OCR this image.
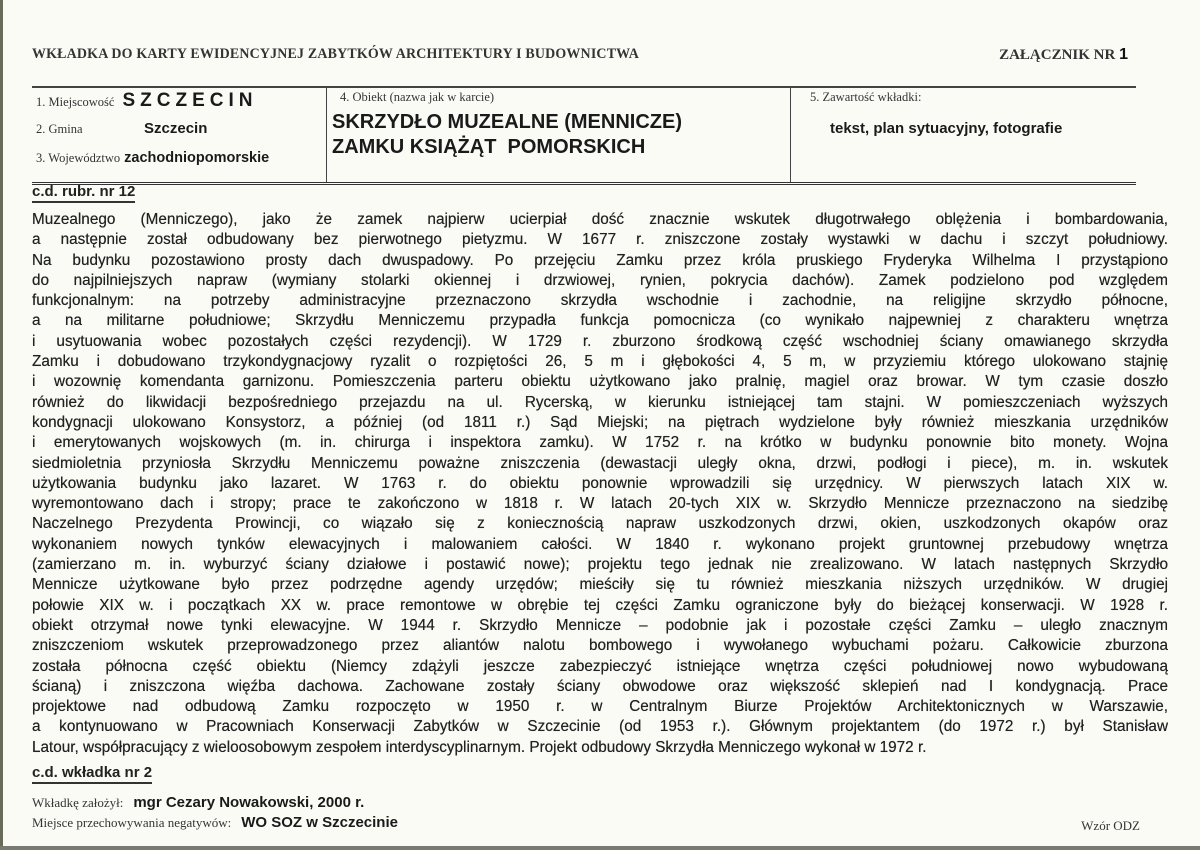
WKŁADKA DO KARTY EWIDENCYJNEJ ZABYTKÓW ARCHITEKTURY I BUDOWNICTWA	ZAŁĄCZNIK NR 1
1. Miejscowość SZCZECIN
2. Gmina	Szczecin
3. Województwo zachodniopomorskie
4. Obiekt (nazwa jak w karcie)
SKRZYDŁO MUZEALNE (MENNICZE)
ZAMKU KSIĄŻĄT  POMORSKICH
5. Zawartość wkładki:
tekst, plan sytuacyjny, fotografie
c.d. rubr. nr 12
Muzealnego (Menniczego), jako że zamek najpierw ucierpiał dość znacznie wskutek długotrwałego oblężenia i bombardowania,
a następnie został odbudowany bez pierwotnego pietyzmu. W 1677 r. zniszczone zostały wystawki w dachu i szczyt południowy.
Na budynku pozostawiono prosty dach dwuspadowy. Po przejęciu Zamku przez króla pruskiego Fryderyka Wilhelma I przystąpiono
do najpilniejszych napraw (wymiany stolarki okiennej i drzwiowej, rynien, pokrycia dachów). Zamek podzielono pod względem
funkcjonalnym: na potrzeby administracyjne przeznaczono skrzydła wschodnie i zachodnie, na religijne skrzydło północne,
a na militarne południowe; Skrzydłu Menniczemu przypadła funkcja pomocnicza (co wynikało najpewniej z charakteru wnętrza
i usytuowania wobec pozostałych części rezydencji). W 1729 r. zburzono środkową część wschodniej ściany omawianego skrzydła
Zamku i dobudowano trzykondygnacjowy ryzalit o rozpiętości 26, 5 m i głębokości 4, 5 m, w przyziemiu którego ulokowano stajnię
i wozownię komendanta garnizonu. Pomieszczenia parteru obiektu użytkowano jako pralnię, magiel oraz browar. W tym czasie doszło
również do likwidacji bezpośredniego przejazdu na ul. Rycerską, w kierunku istniejącej tam stajni. W pomieszczeniach wyższych
kondygnacji ulokowano Konsystorz, a później (od 1811 r.) Sąd Miejski; na piętrach wydzielone były również mieszkania urzędników
i emerytowanych wojskowych (m. in. chirurga i inspektora zamku). W 1752 r. na krótko w budynku ponownie bito monety. Wojna
siedmioletnia przyniosła Skrzydłu Menniczemu poważne zniszczenia (dewastacji uległy okna, drzwi, podłogi i piece), m. in. wskutek
użytkowania budynku jako lazaret. W 1763 r. do obiektu ponownie wprowadzili się urzędnicy. W pierwszych latach XIX w.
wyremontowano dach i stropy; prace te zakończono w 1818 r. W latach 20-tych XIX w. Skrzydło Mennicze przeznaczono na siedzibę
Naczelnego Prezydenta Prowincji, co wiązało się z koniecznością napraw uszkodzonych drzwi, okien, uszkodzonych okapów oraz
wykonaniem nowych tynków elewacyjnych i malowaniem całości. W 1840 r. wykonano projekt gruntownej przebudowy wnętrza
(zamierzano m. in. wyburzyć ściany działowe i postawić nowe); projektu tego jednak nie zrealizowano. W latach następnych Skrzydło
Mennicze użytkowane było przez podrzędne agendy urzędów; mieściły się tu również mieszkania niższych urzędników. W drugiej
połowie XIX w. i początkach XX w. prace remontowe w obrębie tej części Zamku ograniczone były do bieżącej konserwacji. W 1928 r.
obiekt otrzymał nowe tynki elewacyjne. W 1944 r. Skrzydło Mennicze – podobnie jak i pozostałe części Zamku – uległo znacznym
zniszczeniom wskutek przeprowadzonego przez aliantów nalotu bombowego i wywołanego wybuchami pożaru. Całkowicie zburzona
została północna część obiektu (Niemcy zdążyli jeszcze zabezpieczyć istniejące wnętrza części południowej nowo wybudowaną
ścianą) i zniszczona więźba dachowa. Zachowane zostały ściany obwodowe oraz większość sklepień nad I kondygnacją. Prace
projektowe nad odbudową Zamku rozpoczęto w 1950 r. w Centralnym Biurze Projektów Architektonicznych w Warszawie,
a kontynuowano w Pracowniach Konserwacji Zabytków w Szczecinie (od 1953 r.). Głównym projektantem (do 1972 r.) był Stanisław
Latour, współpracujący z wieloosobowym zespołem interdyscyplinarnym. Projekt odbudowy Skrzydła Menniczego wykonał w 1972 r.
c.d. wkładka nr 2
Wkładkę założył: mgr Cezary Nowakowski, 2000 r.
Miejsce przechowywania negatywów: WO SOZ w Szczecinie	Wzór ODZ
